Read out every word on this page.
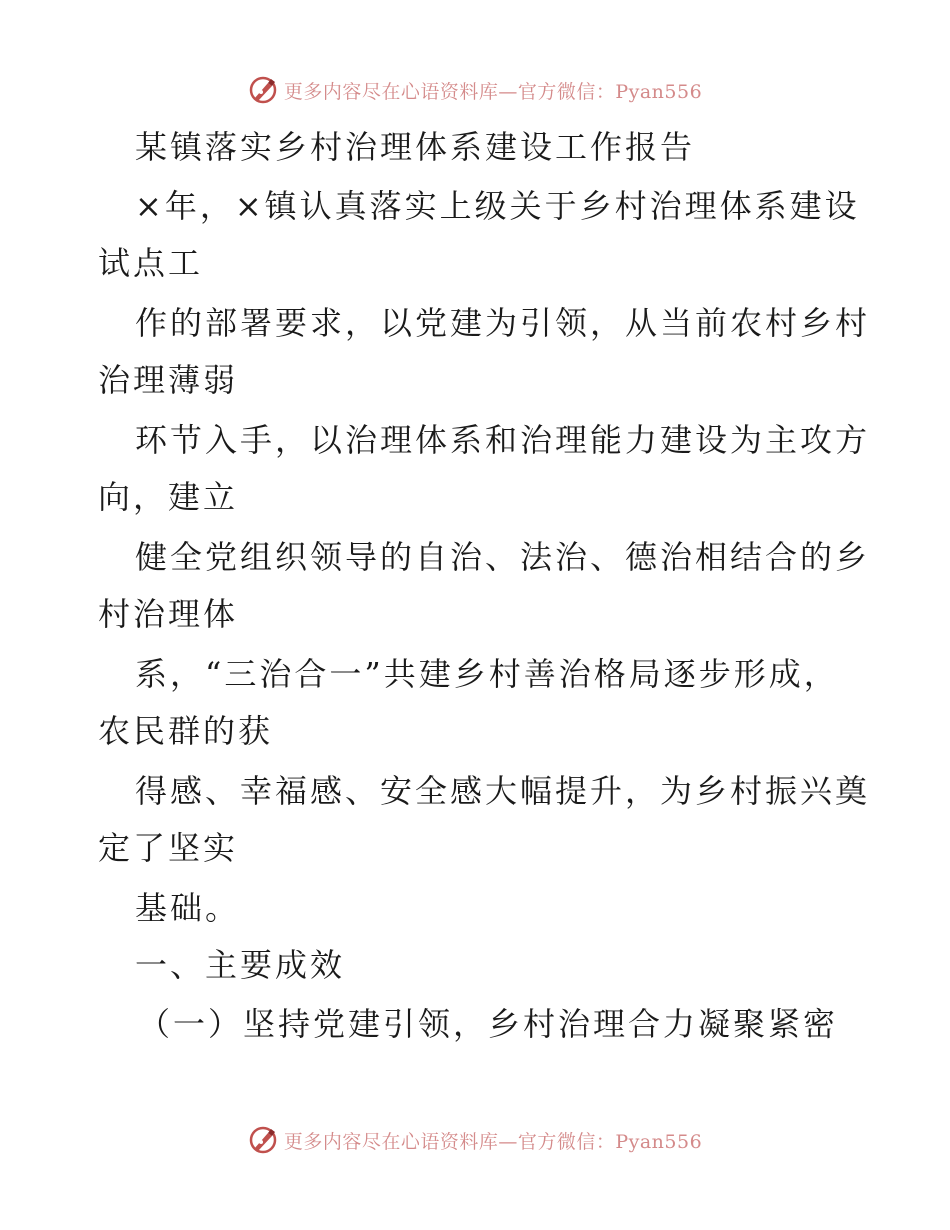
更多内容尽在心语资料库—官方微信：Pyan556
某镇落实乡村治理体系建设工作报告
×年，×镇认真落实上级关于乡村治理体系建设
试点工
作的部署要求，以党建为引领，从当前农村乡村
治理薄弱
环节入手，以治理体系和治理能力建设为主攻方
向，建立
健全党组织领导的自治、法治、德治相结合的乡
村治理体
系，“三治合一”共建乡村善治格局逐步形成，
农民群的获
得感、幸福感、安全感大幅提升，为乡村振兴奠
定了坚实
基础。
一、主要成效
（一）坚持党建引领，乡村治理合力凝聚紧密
更多内容尽在心语资料库—官方微信：Pyan556
